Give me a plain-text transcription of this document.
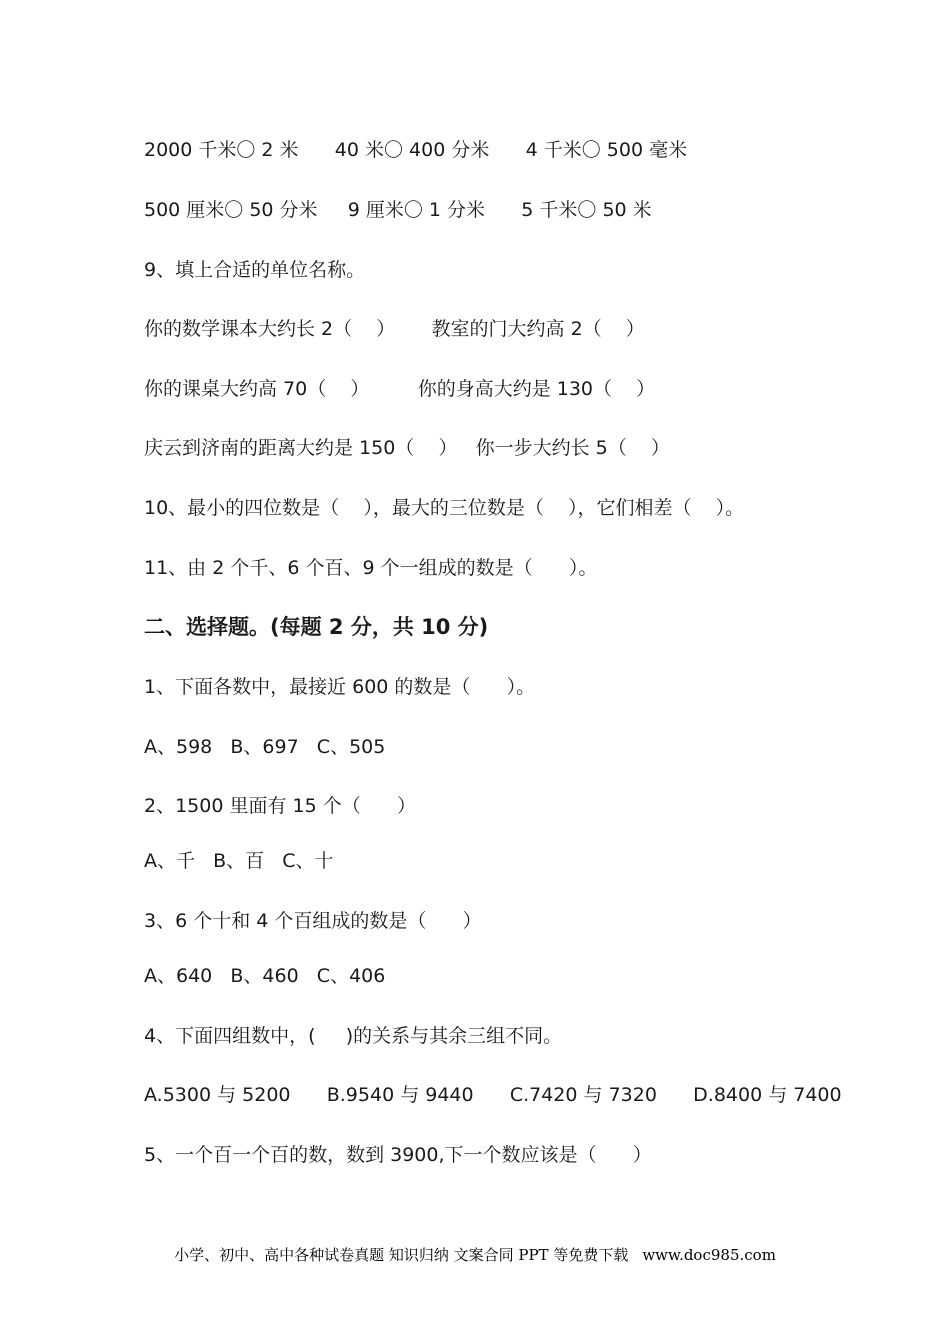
2000 千米〇 2 米      40 米〇 400 分米      4 千米〇 500 毫米
500 厘米〇 50 分米     9 厘米〇 1 分米      5 千米〇 50 米
9、填上合适的单位名称。
你的数学课本大约长 2（    ）      教室的门大约高 2（    ）
你的课桌大约高 70（    ）        你的身高大约是 130（    ）
庆云到济南的距离大约是 150（    ）   你一步大约长 5（    ）
10、最小的四位数是（    ），最大的三位数是（    ），它们相差（    ）。
11、由 2 个千、6 个百、9 个一组成的数是（      ）。
二、选择题。(每题 2 分，共 10 分)
1、下面各数中，最接近 600 的数是（      ）。
A、598   B、697   C、505
2、1500 里面有 15 个（      ）
A、千   B、百   C、十
3、6 个十和 4 个百组成的数是（      ）
A、640   B、460   C、406
4、下面四组数中，(     )的关系与其余三组不同。
A.5300 与 5200      B.9540 与 9440      C.7420 与 7320      D.8400 与 7400
5、一个百一个百的数，数到 3900,下一个数应该是（      ）
小学、初中、高中各种试卷真题 知识归纳 文案合同 PPT 等免费下载 www.doc985.com
